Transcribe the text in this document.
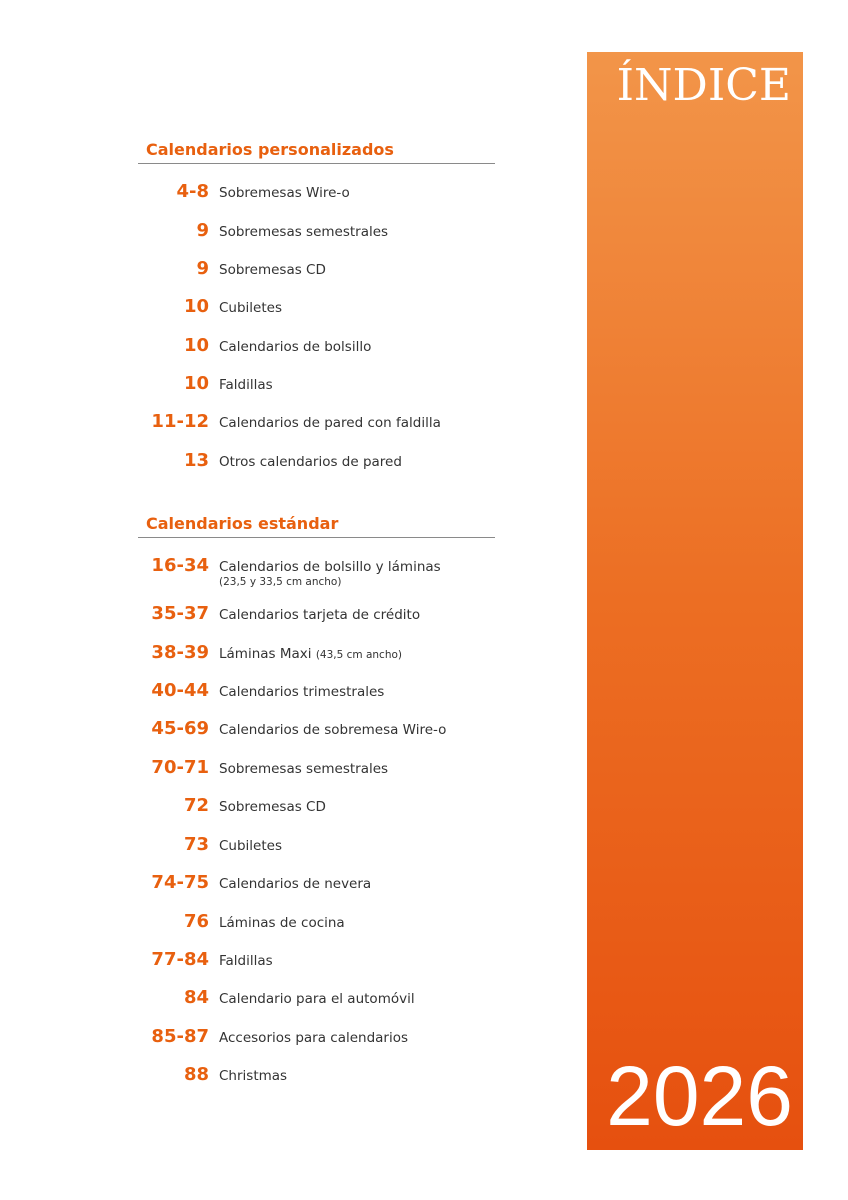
Calendarios personalizados
4-8 Sobremesas Wire-o
9 Sobremesas semestrales
9 Sobremesas CD
10 Cubiletes
10 Calendarios de bolsillo
10 Faldillas
11-12 Calendarios de pared con faldilla
13 Otros calendarios de pared
Calendarios estándar
16-34 Calendarios de bolsillo y láminas
(23,5 y 33,5 cm ancho)
35-37 Calendarios tarjeta de crédito
38-39 Láminas Maxi (43,5 cm ancho)
40-44 Calendarios trimestrales
45-69 Calendarios de sobremesa Wire-o
70-71 Sobremesas semestrales
72 Sobremesas CD
73 Cubiletes
74-75 Calendarios de nevera
76 Láminas de cocina
77-84 Faldillas
84 Calendario para el automóvil
85-87 Accesorios para calendarios
88 Christmas
ÍNDICE
2026
